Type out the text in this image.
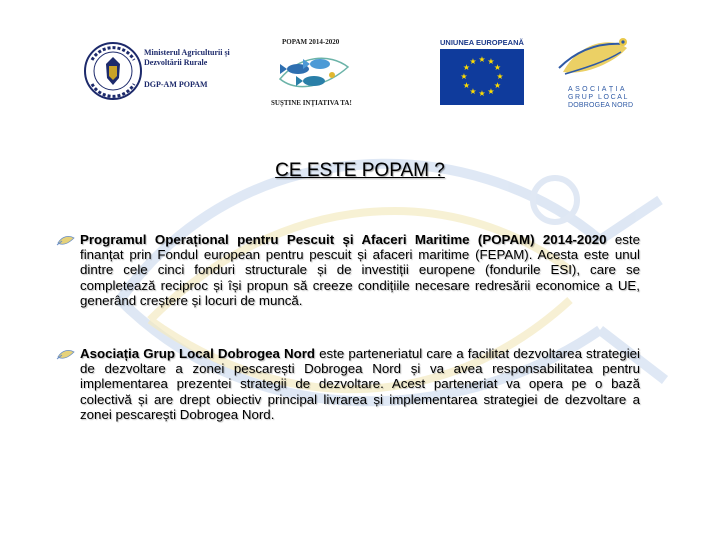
Ministerul Agriculturii și Dezvoltării Rurale
DGP-AM POPAM
POPAM 2014-2020
SUȘTINE INȚIATIVA TA!
UNIUNEA EUROPEANĂ
★ ★
★
★
★
★
★
★
★
★
★
★
ASOCIAȚIA
GRUP LOCAL
DOBROGEA NORD
CE ESTE POPAM ?
Programul Operațional pentru Pescuit și Afaceri Maritime (POPAM) 2014-2020 este finanțat prin Fondul european pentru pescuit și afaceri maritime (FEPAM). Acesta este unul dintre cele cinci fonduri structurale și de investiții europene (fondurile ESI), care se completează reciproc și își propun să creeze condițiile necesare redresării economice a UE, generând creștere și locuri de muncă.
Asociația Grup Local Dobrogea Nord este parteneriatul care a facilitat dezvoltarea strategiei de dezvoltare a zonei pescarești Dobrogea Nord și va avea responsabilitatea pentru implementarea prezentei strategii de dezvoltare. Acest parteneriat va opera pe o bază colectivă și are drept obiectiv principal livrarea și implementarea strategiei de dezvoltare a zonei pescarești Dobrogea Nord.
